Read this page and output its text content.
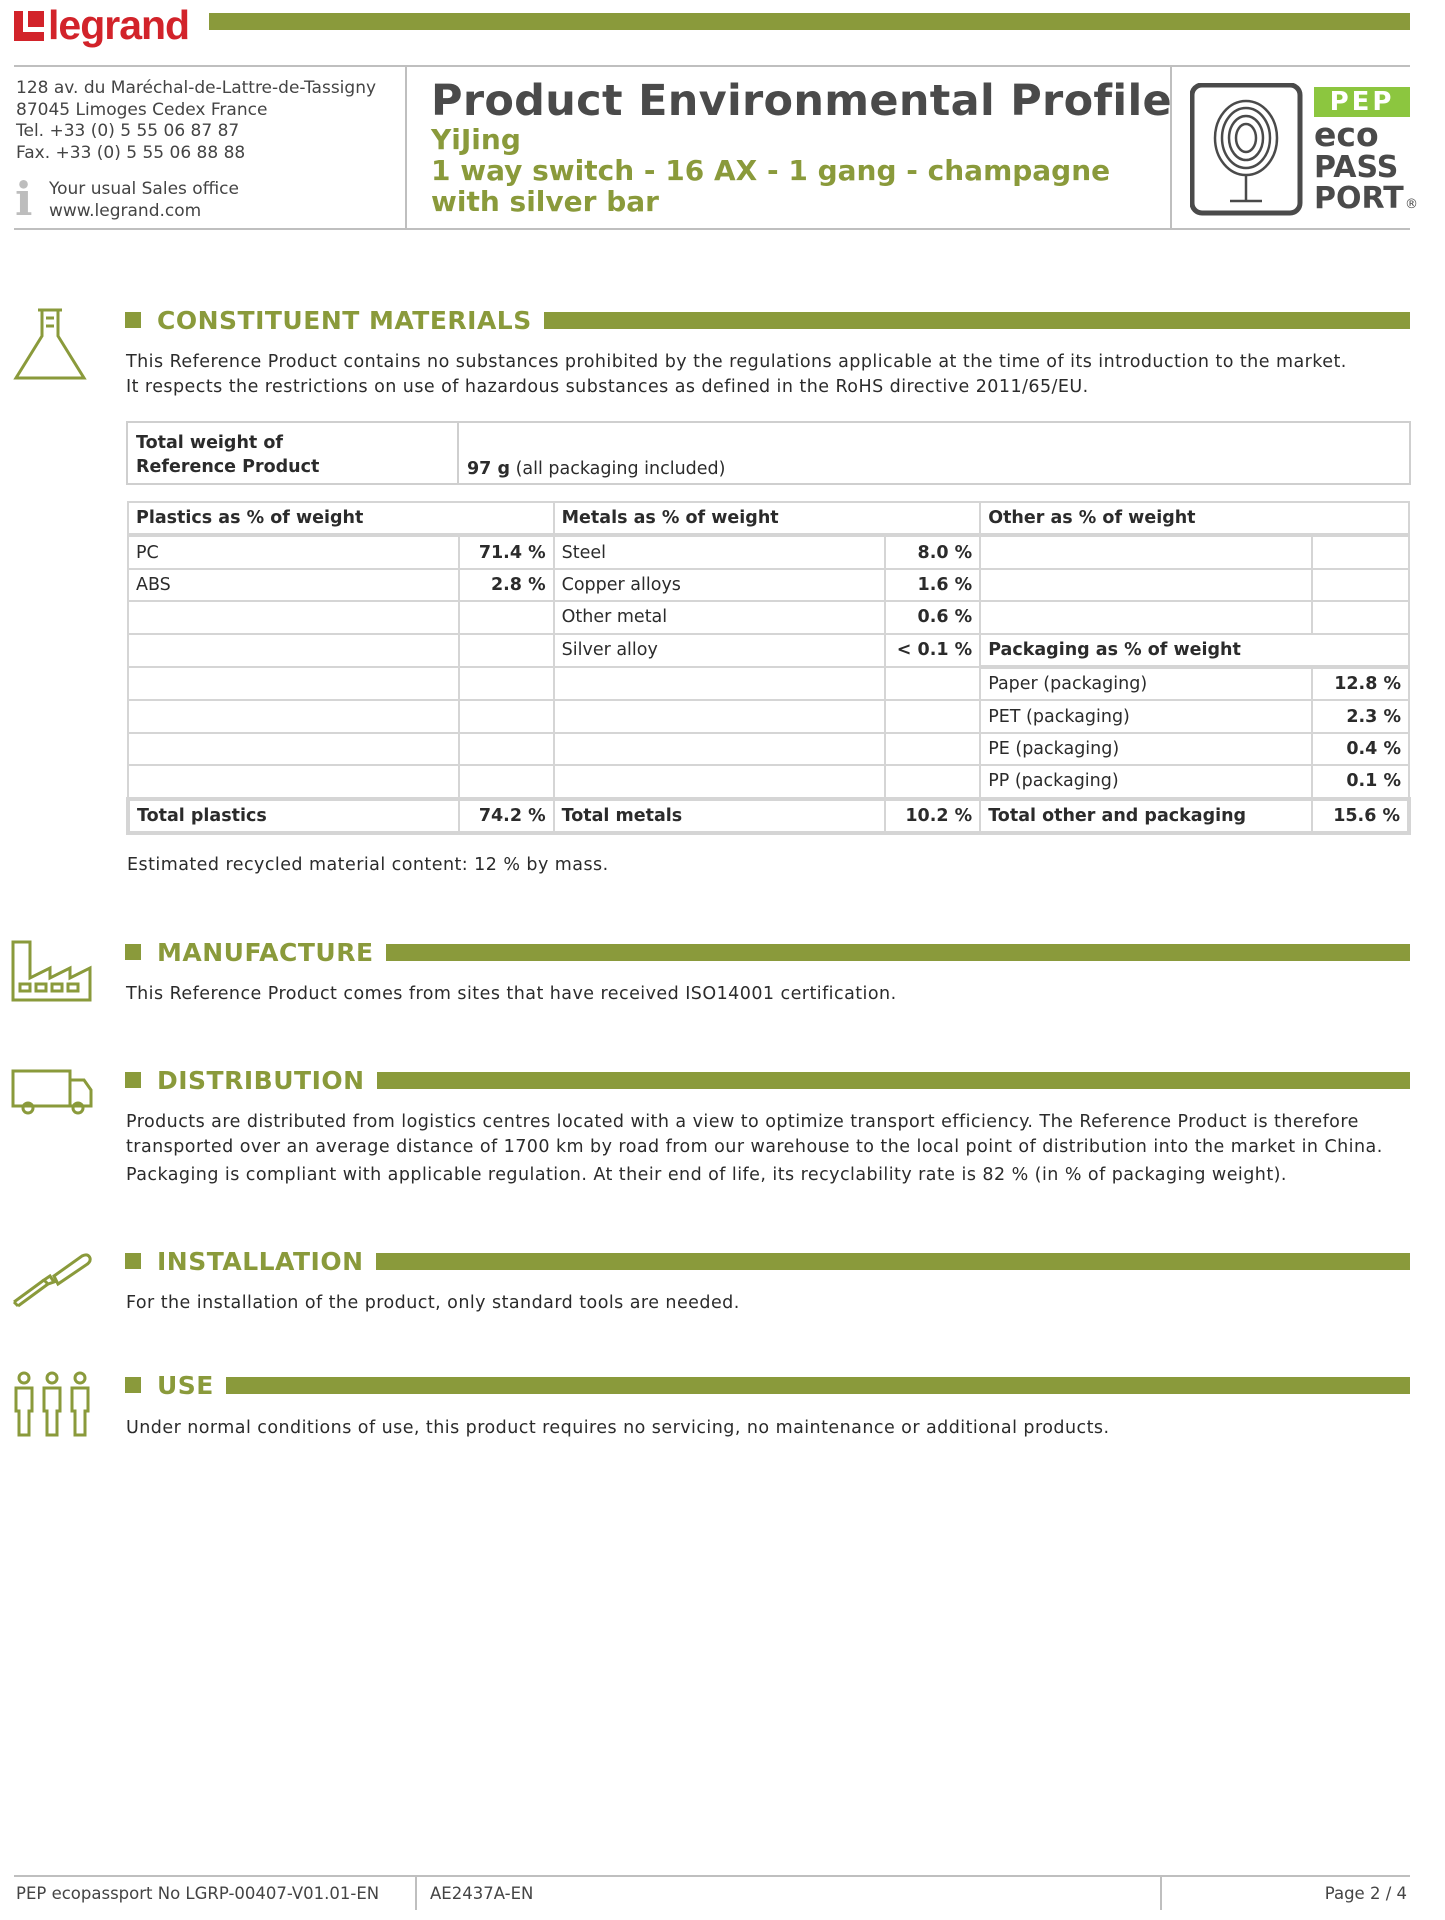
legrand
128 av. du Maréchal-de-Lattre-de-Tassigny
87045 Limoges Cedex France
Tel. +33 (0) 5 55 06 87 87
Fax. +33 (0) 5 55 06 88 88
i Your usual Sales office
www.legrand.com
Product Environmental Profile
YiJing
1 way switch - 16 AX - 1 gang - champagne
with silver bar
PEP
eco
PASS
PORT ®
CONSTITUENT MATERIALS
This Reference Product contains no substances prohibited by the regulations applicable at the time of its introduction to the market.
It respects the restrictions on use of hazardous substances as defined in the RoHS directive 2011/65/EU.
Total weight of
Reference Product	97 g (all packaging included)
Plastics as % of weight		Metals as % of weight		Other as % of weight	
PC	71.4 %	Steel	8.0 %		
ABS	2.8 %	Copper alloys	1.6 %		
		Other metal	0.6 %		
		Silver alloy	< 0.1 %	Packaging as % of weight	
				Paper (packaging)	12.8 %
				PET (packaging)	2.3 %
				PE (packaging)	0.4 %
				PP (packaging)	0.1 %
Total plastics	74.2 %	Total metals	10.2 %	Total other and packaging	15.6 %
Estimated recycled material content: 12 % by mass.
MANUFACTURE
This Reference Product comes from sites that have received ISO14001 certification.
DISTRIBUTION
Products are distributed from logistics centres located with a view to optimize transport efficiency. The Reference Product is therefore
transported over an average distance of 1700 km by road from our warehouse to the local point of distribution into the market in China.
Packaging is compliant with applicable regulation. At their end of life, its recyclability rate is 82 % (in % of packaging weight).
INSTALLATION
For the installation of the product, only standard tools are needed.
USE
Under normal conditions of use, this product requires no servicing, no maintenance or additional products.
PEP ecopassport No LGRP-00407-V01.01-EN	AE2437A-EN	Page 2 / 4
